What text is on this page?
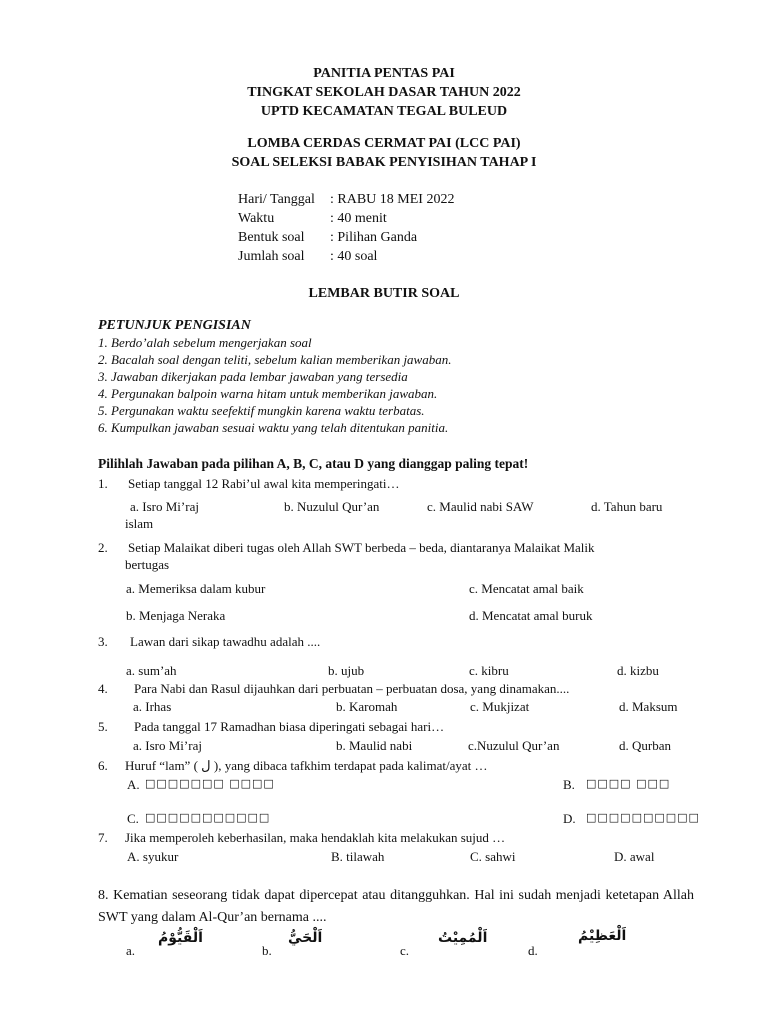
PANITIA PENTAS PAI
TINGKAT SEKOLAH DASAR TAHUN 2022
UPTD KECAMATAN TEGAL BULEUD
LOMBA CERDAS CERMAT PAI (LCC PAI)
SOAL SELEKSI BABAK PENYISIHAN TAHAP I
Hari/ Tanggal : RABU 18 MEI 2022
Waktu	: 40 menit
Bentuk soal : Pilihan Ganda
Jumlah soal : 40 soal
LEMBAR BUTIR SOAL
PETUNJUK PENGISIAN
1. Berdo’alah sebelum mengerjakan soal
2. Bacalah soal dengan teliti, sebelum kalian memberikan jawaban.
3. Jawaban dikerjakan pada lembar jawaban yang tersedia
4. Pergunakan balpoin warna hitam untuk memberikan jawaban.
5. Pergunakan waktu seefektif mungkin karena waktu terbatas.
6. Kumpulkan jawaban sesuai waktu yang telah ditentukan panitia.
Pilihlah Jawaban pada pilihan A, B, C, atau D yang dianggap paling tepat!
1. Setiap tanggal 12 Rabi’ul awal kita memperingati…
a. Isro Mi’raj	b. Nuzulul Qur’an	c. Maulid nabi SAW	d. Tahun baru
islam
2. Setiap Malaikat diberi tugas oleh Allah SWT berbeda – beda, diantaranya Malaikat Malik
bertugas
a. Memeriksa dalam kubur	c. Mencatat amal baik
b. Menjaga Neraka	d. Mencatat amal buruk
3. Lawan dari sikap tawadhu adalah ....
a. sum’ah	b. ujub	c. kibru	d. kizbu
4. Para Nabi dan Rasul dijauhkan dari perbuatan – perbuatan dosa, yang dinamakan....
a. Irhas	b. Karomah	c. Mukjizat	d. Maksum
5. Pada tanggal 17 Ramadhan biasa diperingati sebagai hari…
a. Isro Mi’raj	b. Maulid nabi	c.Nuzulul Qur’an	d. Qurban
6. Huruf “lam” ( ل ), yang dibaca tafkhim terdapat pada kalimat/ayat …
A. □□□□□□□ □□□□	B. □□□□ □□□
C. □□□□□□□□□□□	D. □□□□□□□□□□
7. Jika memperoleh keberhasilan, maka hendaklah kita melakukan sujud …
A. syukur	B. tilawah	C. sahwi	D. awal
8. Kematian seseorang tidak dapat dipercepat atau ditangguhkan. Hal ini sudah menjadi ketetapan Allah SWT yang dalam Al-Qur’an bernama ....
a.
اَلْقَيُّوْمُ
b.
اَلْحَيُّ
c.
اَلْمُمِيْتُ
d.
اَلْعَظِيْمُ
